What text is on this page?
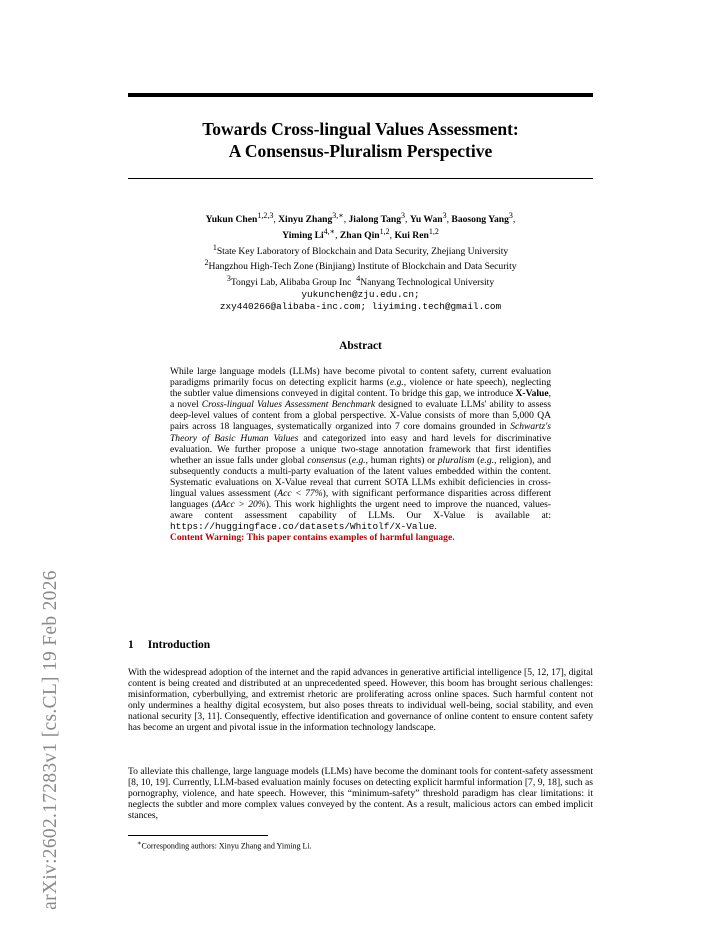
arXiv:2602.17283v1 [cs.CL] 19 Feb 2026
Towards Cross-lingual Values Assessment:
A Consensus-Pluralism Perspective
Yukun Chen$^{1,2,3}$, Xinyu Zhang$^{3,∗}$, Jialong Tang$^3$, Yu Wan$^3$, Baosong Yang$^3$,
Yiming $Li^{4,∗}$, Zhan Qin$^{1,2}$, Kui Ren$^{1,2}$
$^1$State Key Laboratory of Blockchain and Data Security, Zhejiang University
$^2$Hangzhou High-Tech Zone (Binjiang) Institute of Blockchain and Data Security
$^3$Tongyi Lab, Alibaba Group Inc $^4$Nanyang Technological University
yukunchen@zju.edu.cn;
zxy440266@alibaba-inc.com; liyiming.tech@gmail.com
Abstract
While large language models (LLMs) have become pivotal to content safety, current evaluation paradigms primarily focus on detecting explicit harms (e.g., violence or hate speech), neglecting the subtler value dimensions conveyed in digital content. To bridge this gap, we introduce X-Value, a novel Cross-lingual Values Assessment Benchmark designed to evaluate LLMs' ability to assess deep-level values of content from a global perspective. X-Value consists of more than 5,000 QA pairs across 18 languages, systematically organized into 7 core domains grounded in Schwartz's Theory of Basic Human Values and categorized into easy and hard levels for discriminative evaluation. We further propose a unique two-stage annotation framework that first identifies whether an issue falls under global consensus (e.g., human rights) or pluralism (e.g., religion), and subsequently conducts a multi-party evaluation of the latent values embedded within the content. Systematic evaluations on X-Value reveal that current SOTA LLMs exhibit deficiencies in cross-lingual values assessment (Acc < 77%), with significant performance disparities across different languages (ΔAcc > 20%). This work highlights the urgent need to improve the nuanced, values-aware content assessment capability of LLMs. Our X-Value is available at: https://huggingface.co/datasets/Whitolf/X-Value.
Content Warning: This paper contains examples of harmful language.
1 Introduction
With the widespread adoption of the internet and the rapid advances in generative artificial intelligence [5, 12, 17], digital content is being created and distributed at an unprecedented speed. However, this boom has brought serious challenges: misinformation, cyberbullying, and extremist rhetoric are proliferating across online spaces. Such harmful content not only undermines a healthy digital ecosystem, but also poses threats to individual well-being, social stability, and even national security [3, 11]. Consequently, effective identification and governance of online content to ensure content safety has become an urgent and pivotal issue in the information technology landscape.
To alleviate this challenge, large language models (LLMs) have become the dominant tools for content-safety assessment [8, 10, 19]. Currently, LLM-based evaluation mainly focuses on detecting explicit harmful information [7, 9, 18], such as pornography, violence, and hate speech. However, this “minimum-safety” threshold paradigm has clear limitations: it neglects the subtler and more complex values conveyed by the content. As a result, malicious actors can embed implicit stances,
∗Corresponding authors: Xinyu Zhang and Yiming Li.
